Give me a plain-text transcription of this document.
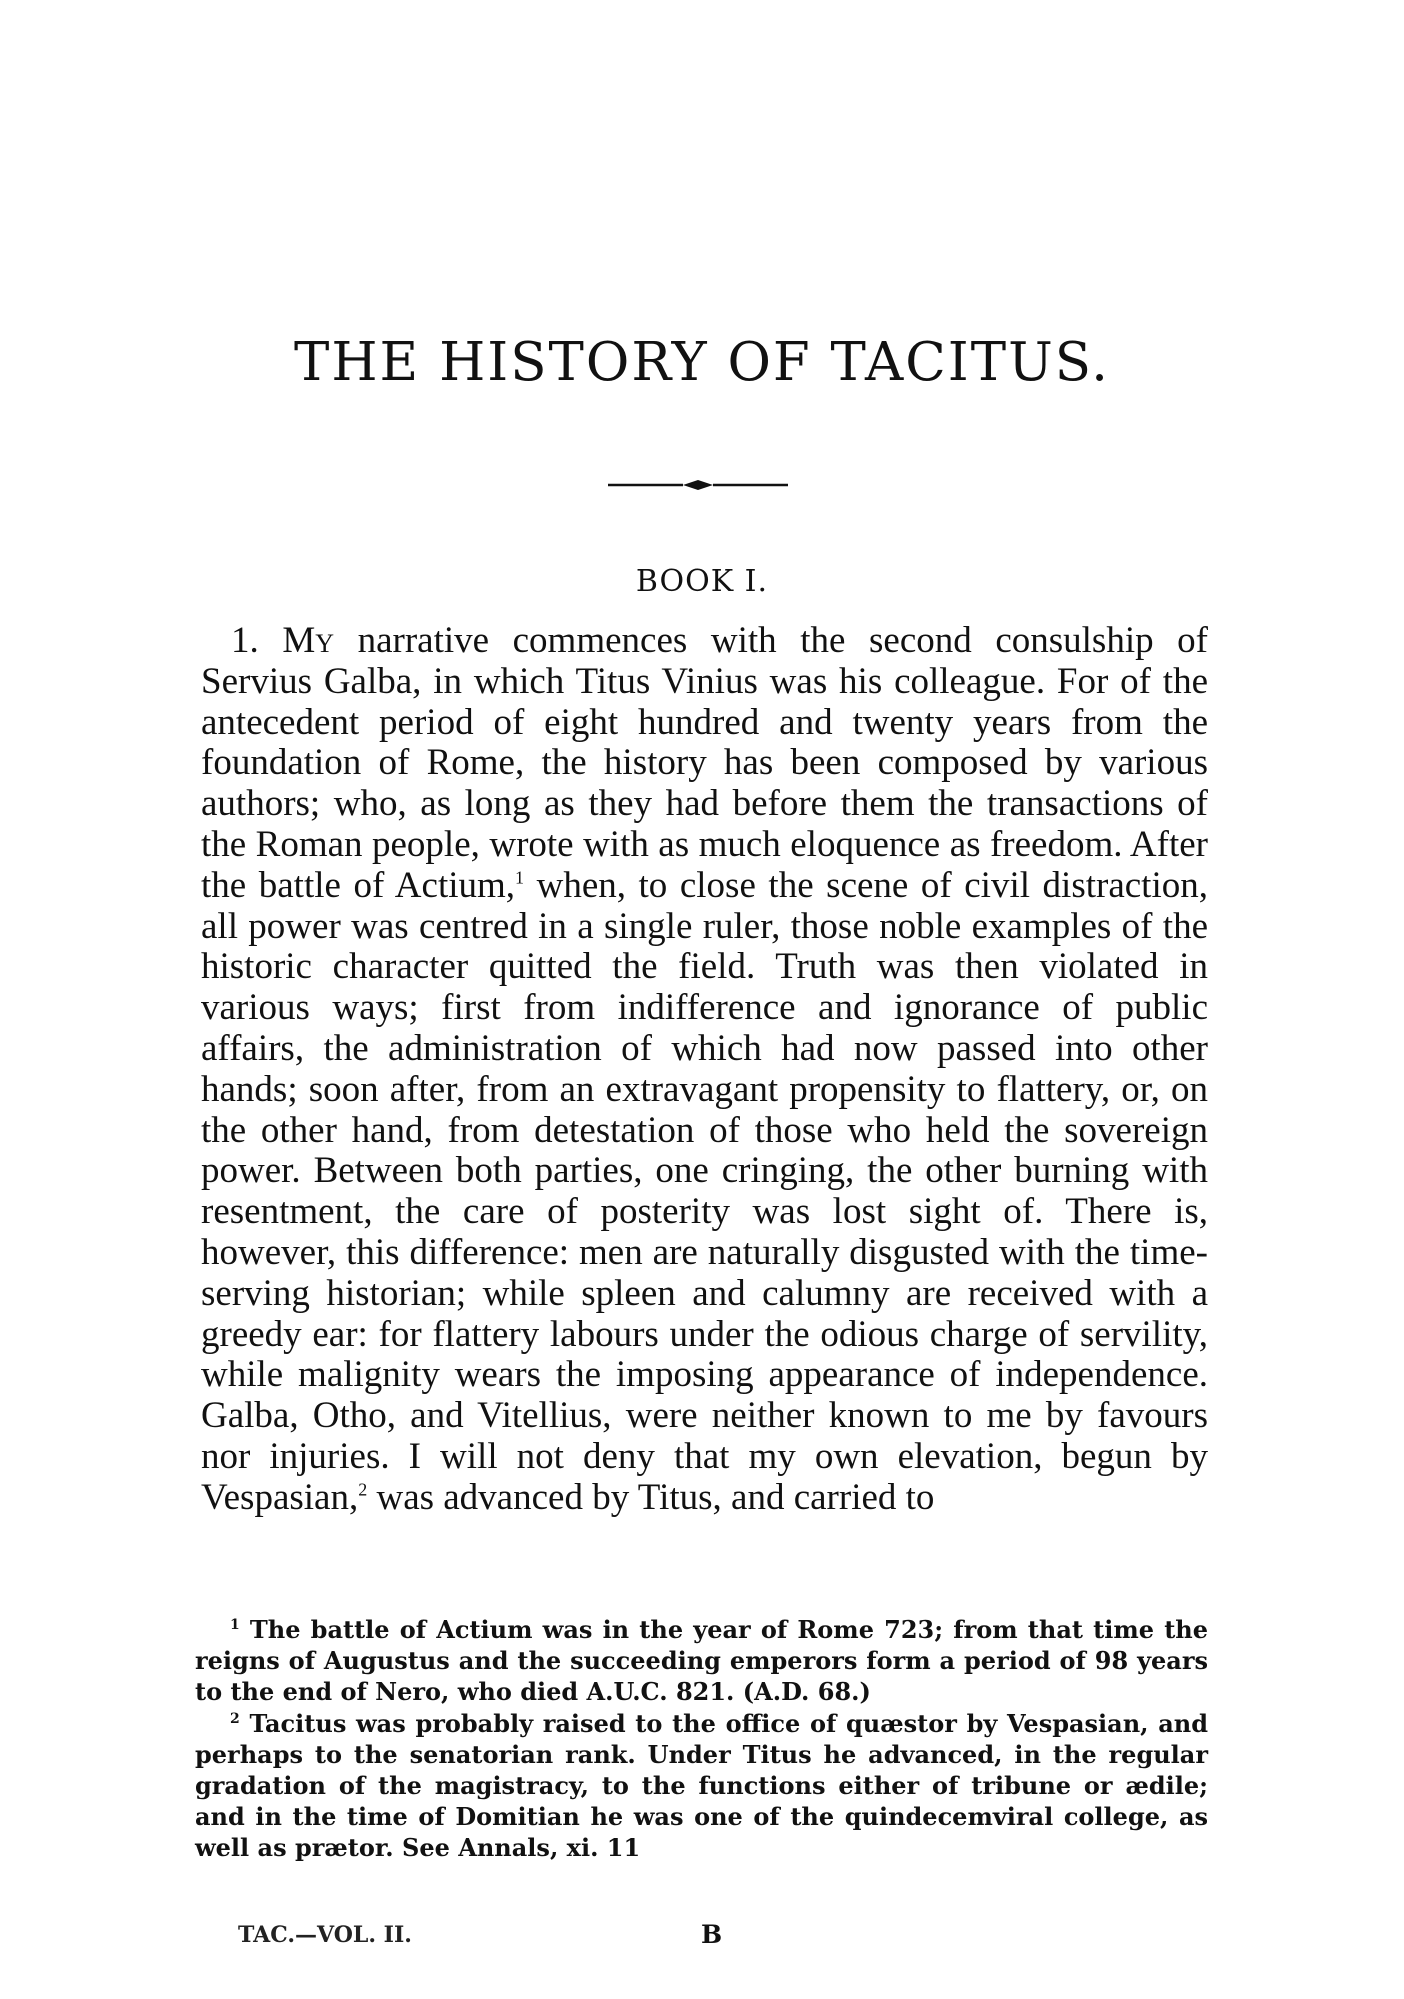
THE HISTORY OF TACITUS.
BOOK I.
1. My narrative commences with the second consulship of Servius Galba, in which Titus Vinius was his colleague. For of the antecedent period of eight hundred and twenty years from the foundation of Rome, the history has been composed by various authors; who, as long as they had before them the transactions of the Roman people, wrote with as much eloquence as freedom. After the battle of Actium,$^1$ when, to close the scene of civil distraction, all power was centred in a single ruler, those noble examples of the historic character quitted the field. Truth was then violated in various ways; first from indifference and ignorance of public affairs, the administration of which had now passed into other hands; soon after, from an extravagant propensity to flattery, or, on the other hand, from detestation of those who held the sovereign power. Between both parties, one cringing, the other burning with resentment, the care of posterity was lost sight of. There is, however, this difference: men are naturally disgusted with the time-serving historian; while spleen and calumny are received with a greedy ear: for flattery labours under the odious charge of servility, while malignity wears the imposing appearance of independence. Galba, Otho, and Vitellius, were neither known to me by favours nor injuries. I will not deny that my own elevation, begun by Vespasian,$^2$ was advanced by Titus, and carried to

$^1$ The battle of Actium was in the year of Rome 723; from that time the reigns of Augustus and the succeeding emperors form a period of 98 years to the end of Nero, who died A.U.C. 821. (A.D. 68.)

$^2$ Tacitus was probably raised to the office of quæstor by Vespasian, and perhaps to the senatorian rank. Under Titus he advanced, in the regular gradation of the magistracy, to the functions either of tribune or ædile; and in the time of Domitian he was one of the quindecemviral college, as well as prætor. See Annals, xi. 11

TAC.—VOL. II.	B
